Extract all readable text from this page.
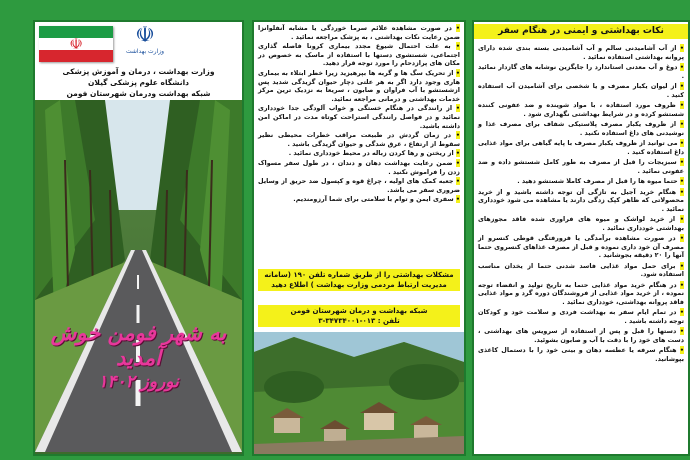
☫	☫
وزارت بهداشت
وزارت بهداشت ، درمان و آموزش پزشکی
دانشگاه علوم پزشکی گیلان
شبکه بهداشت ودرمان شهرستان فومن
به شهر فومن خوش آمدید
نوروز ۱۴۰۲

• در صورت مشاهده علائم سرما خوردگی یا مشابه آنفلوانزا ضمن رعایت نکات بهداشتی ، به پزشک مراجعه نمائید .

• به علت احتمال شیوع مجدد بیماری کرونا فاصله گذاری اجتماعی، شستشوی دستها با استفاده از ماسک به خصوص در مکان های پرازدحام را مورد توجه قرار دهید.

• از تحریک سگ ها و گربه ها بپرهیزید زیرا خطر ابتلاء به بیماری هاری وجود دارد اگر به هر علتی دچار حیوان گزیدگی شدید پس ازشستشو با آب فراوان و صابون ، سریعا به نزدیک ترین مرکز خدمات بهداشتی و درمانی مراجعه نمائید.

• از رانندگی در هنگام خستگی و خواب آلودگی جدا خودداری نمائید و در فواصل رانندگی استراحت کوتاه مدت در اماکن امن داشته باشید.

• در زمان گردش در طبیعت مراقب خطرات محیطی نظیر سقوط از ارتفاع ، غرق شدگی و حیوان گزیدگی باشید .

• از ریختن و رها کردن زباله در محیط خودداری نمائید .

• ضمن رعایت بهداشت دهان و دندان ، در طول سفر مسواک زدن را فراموش نکنید .

• جعبه کمک های اولیه ، چراغ قوه و کپسول ضد حریق از وسایل ضروری سفر می باشد.

• سفری ایمن و توام با سلامتی برای شما آرزومندیم.

مشکلات بهداشتی را از طریق شماره تلفن ۱۹۰ (سامانه مدیریت ارتباط مردمی وزارت بهداشت ) اطلاع دهید
شبکه بهداشت و درمان شهرستان فومن
تلفن : ۰۱۳-۳۴۷۳۴۰۰۱-۳
نکات بهداشتی و ایمنی در هنگام سفر

• از آب آشامیدنی سالم و آب آشامیدنی بسته بندی شده دارای پروانه بهداشتی استفاده نمائید .

• دوغ و آب معدنی استاندارد را جایگزین نوشابه های گازدار نمائید .

• از لیوان یکبار مصرف و یا شخصی برای آشامیدن آب استفاده کنید .

• ظروف مورد استفاده ، با مواد شوینده و ضد عفونی کننده شستشو کرده و در شرایط بهداشتی نگهداری شود .

• از ظروف یکبار مصرف پلاستیکی شفاف برای مصرف غذا و نوشیدنی های داغ استفاده نکنید .

• می توانید از ظروف یکبار مصرف با پایه گیاهی برای مواد غذایی داغ استفاده کنید .

• سبزیجات را قبل از مصرف به طور کامل شستشو داده و ضد عفونی نمائید .

• حتما میوه ها را قبل از مصرف کاملا شستشو دهید .

• هنگام خرید آجیل به تازگی آن توجه داشته باشید و از خرید محصولاتی که ظاهر کپک زدگی دارند یا مشاهده می شود خودداری نمائید .

• از خرید لواشک و میوه های فراوری شده فاقد مجوزهای بهداشتی خودداری نمائید .

• در صورت مشاهده برآمدگی یا فرورفتگی قوطی کنسرو از مصرف آن خود داری نموده و قبل از مصرف غذاهای کنسروی حتما آنها را ۲۰ دقیقه بجوشانید .

• برای حمل مواد غذایی فاسد شدنی حتما از یخدان مناسب استفاده شود.

• در هنگام خرید مواد غذایی حتما به تاریخ تولید و انقضاء توجه نموده ، از خرید مواد غذایی از فروشندگان دوره گرد و مواد غذایی فاقد پروانه بهداشتی، خودداری نمائید .

• در تمام ایام سفر به بهداشت فردی و سلامت خود و کودکان توجه داشته باشید .

• دستها را قبل و پس از استفاده از سرویس های بهداشتی ، دست های خود را با دقت با آب و صابون بشوئید.

• هنگام سرفه یا عطسه دهان و بینی خود را با دستمال کاغذی بپوشانید.
